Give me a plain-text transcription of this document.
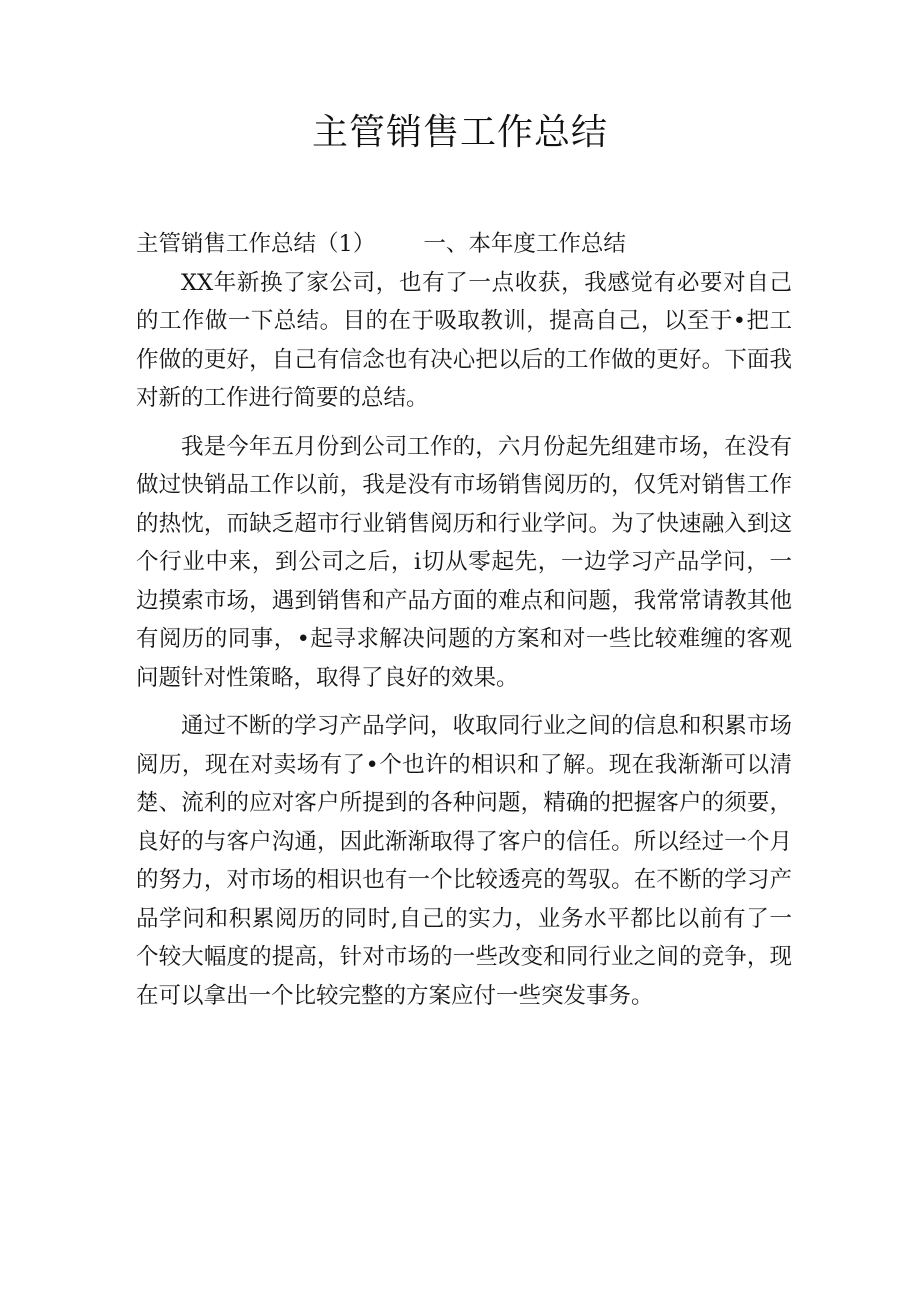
主管销售工作总结

主管销售工作总结（1） 一、本年度工作总结

XX年新换了家公司，也有了一点收获，我感觉有必要对自己的工作做一下总结。目的在于吸取教训，提高自己，以至于•把工作做的更好，自己有信念也有决心把以后的工作做的更好。下面我对新的工作进行简要的总结。

我是今年五月份到公司工作的，六月份起先组建市场，在没有做过快销品工作以前，我是没有市场销售阅历的，仅凭对销售工作的热忱，而缺乏超市行业销售阅历和行业学问。为了快速融入到这个行业中来，到公司之后，i切从零起先，一边学习产品学问，一边摸索市场，遇到销售和产品方面的难点和问题，我常常请教其他有阅历的同事，•起寻求解决问题的方案和对一些比较难缠的客观问题针对性策略，取得了良好的效果。

通过不断的学习产品学问，收取同行业之间的信息和积累市场阅历，现在对卖场有了•个也许的相识和了解。现在我渐渐可以清楚、流利的应对客户所提到的各种问题，精确的把握客户的须要，良好的与客户沟通，因此渐渐取得了客户的信任。所以经过一个月的努力，对市场的相识也有一个比较透亮的驾驭。在不断的学习产品学问和积累阅历的同时,自己的实力，业务水平都比以前有了一个较大幅度的提高，针对市场的一些改变和同行业之间的竞争，现在可以拿出一个比较完整的方案应付一些突发事务。
